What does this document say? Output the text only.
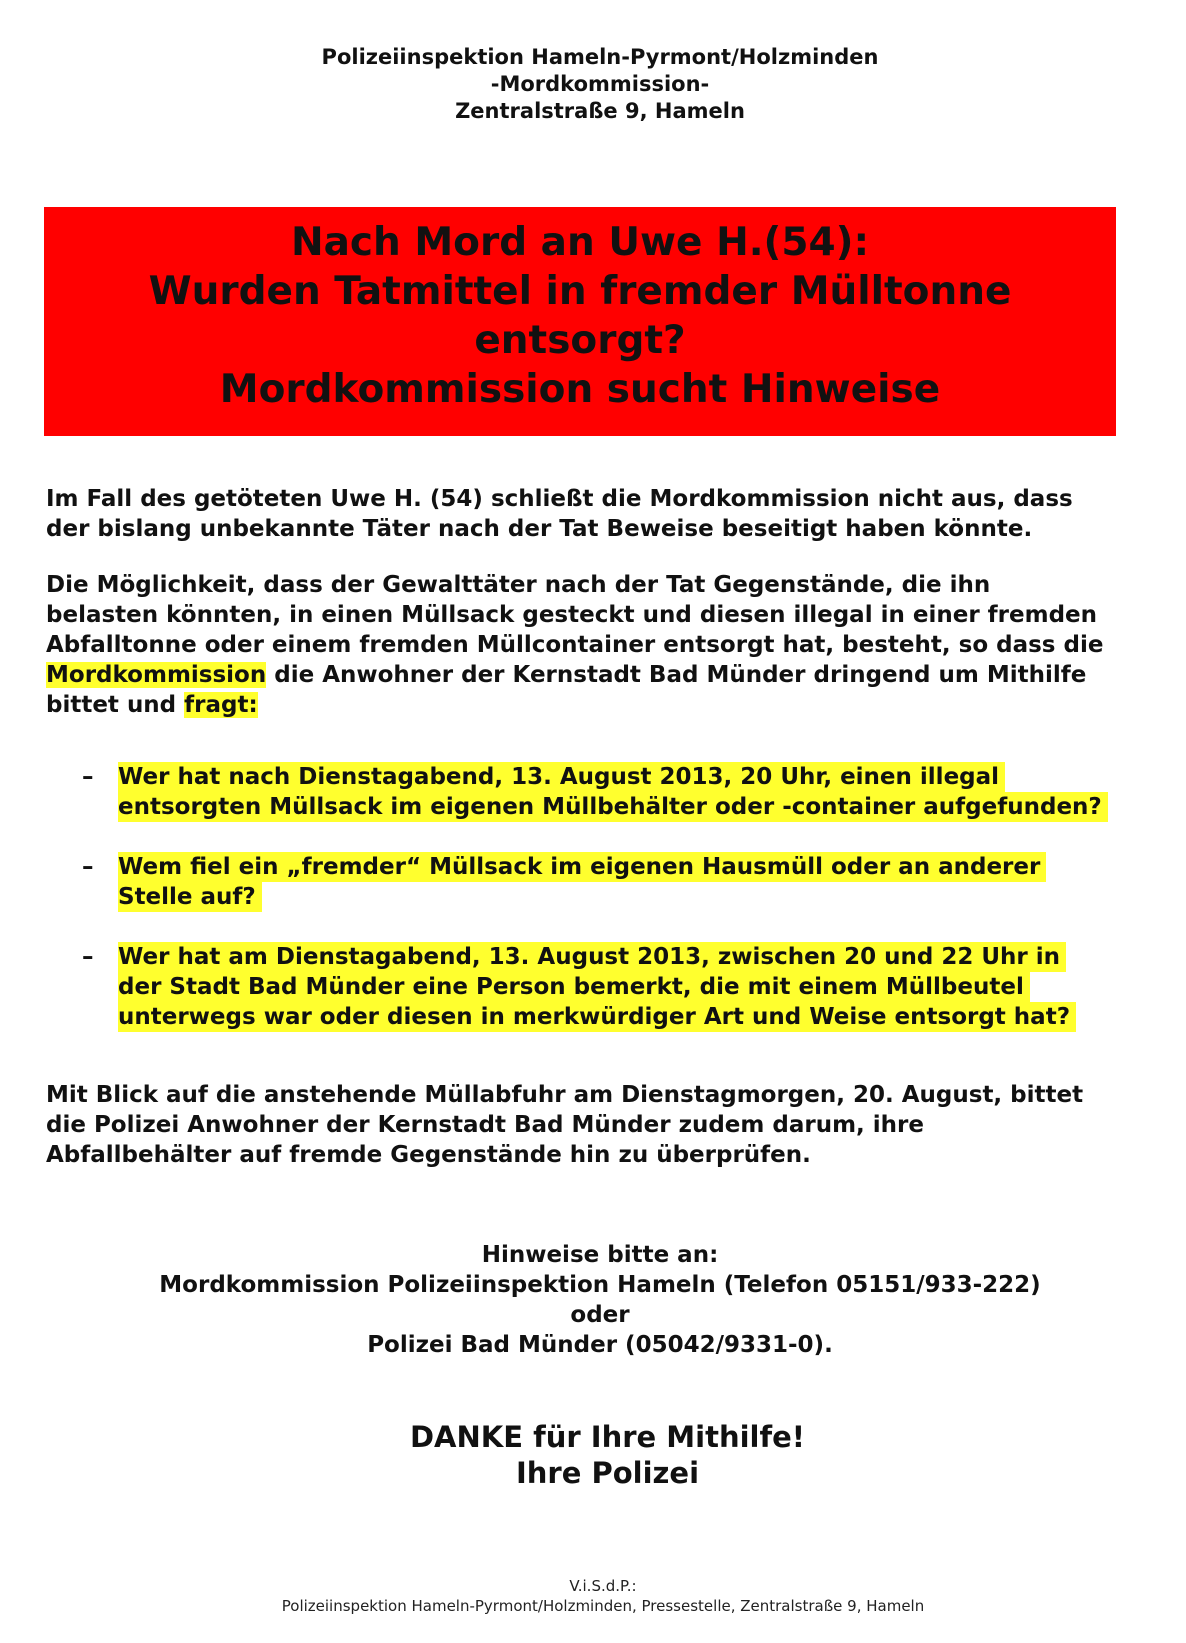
Polizeiinspektion Hameln-Pyrmont/Holzminden
-Mordkommission-
Zentralstraße 9, Hameln
Nach Mord an Uwe H.(54):
Wurden Tatmittel in fremder Mülltonne
entsorgt?
Mordkommission sucht Hinweise

Im Fall des getöteten Uwe H. (54) schließt die Mordkommission nicht aus, dass
der bislang unbekannte Täter nach der Tat Beweise beseitigt haben könnte.

Die Möglichkeit, dass der Gewalttäter nach der Tat Gegenstände, die ihn
belasten könnten, in einen Müllsack gesteckt und diesen illegal in einer fremden
Abfalltonne oder einem fremden Müllcontainer entsorgt hat, besteht, so dass die
Mordkommission die Anwohner der Kernstadt Bad Münder dringend um Mithilfe
bittet und fragt:

– Wer hat nach Dienstagabend, 13. August 2013, 20 Uhr, einen illegal
entsorgten Müllsack im eigenen Müllbehälter oder -container aufgefunden?
– Wem fiel ein „fremder“ Müllsack im eigenen Hausmüll oder an anderer
Stelle auf?
– Wer hat am Dienstagabend, 13. August 2013, zwischen 20 und 22 Uhr in
der Stadt Bad Münder eine Person bemerkt, die mit einem Müllbeutel
unterwegs war oder diesen in merkwürdiger Art und Weise entsorgt hat?

Mit Blick auf die anstehende Müllabfuhr am Dienstagmorgen, 20. August, bittet
die Polizei Anwohner der Kernstadt Bad Münder zudem darum, ihre
Abfallbehälter auf fremde Gegenstände hin zu überprüfen.

Hinweise bitte an:
Mordkommission Polizeiinspektion Hameln (Telefon 05151/933-222)
oder
Polizei Bad Münder (05042/9331-0).
DANKE für Ihre Mithilfe!
Ihre Polizei
V.i.S.d.P.:
Polizeiinspektion Hameln-Pyrmont/Holzminden, Pressestelle, Zentralstraße 9, Hameln
